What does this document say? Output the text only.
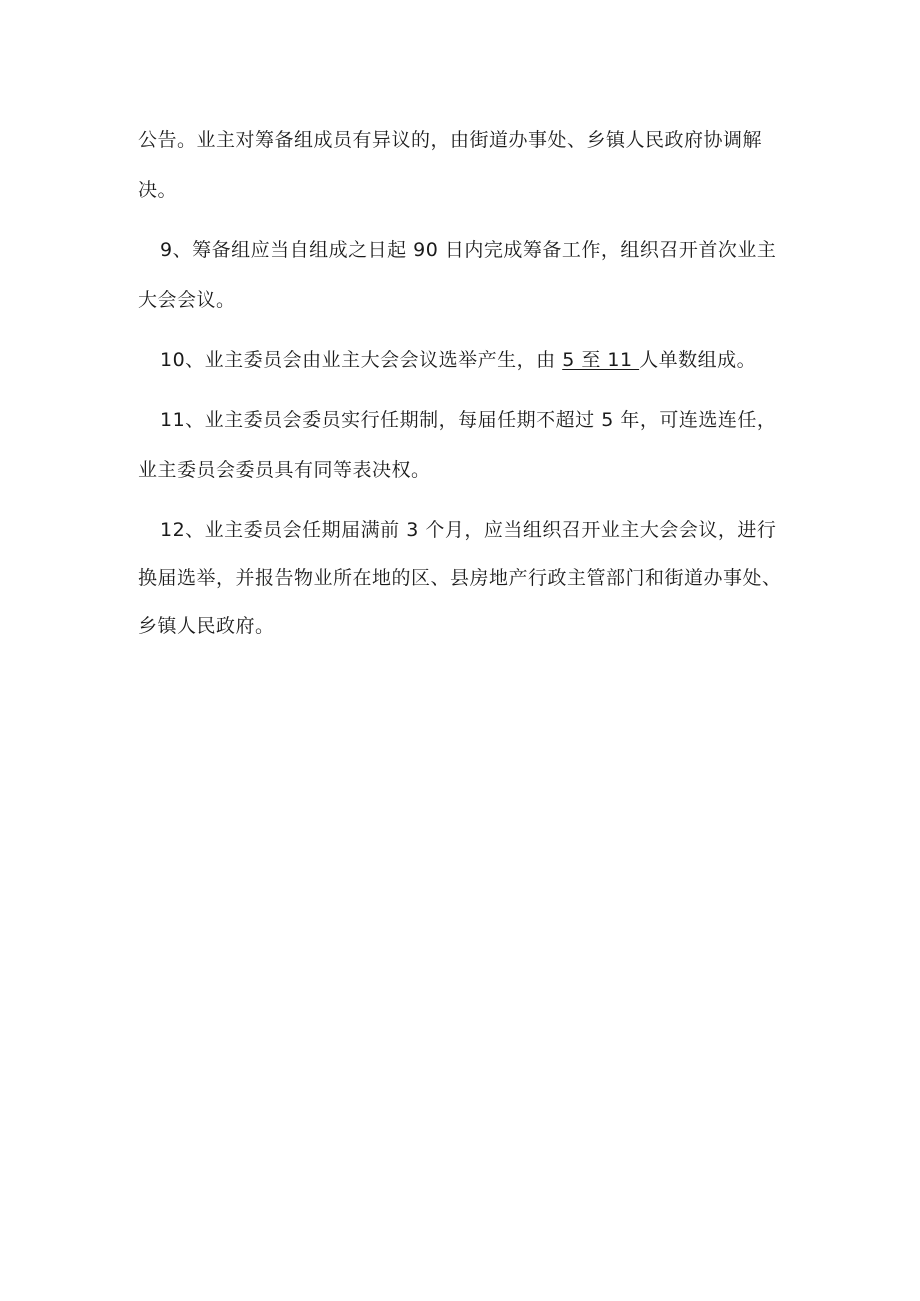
公告。业主对筹备组成员有异议的，由街道办事处、乡镇人民政府协调解
决。
9、筹备组应当自组成之日起 90 日内完成筹备工作，组织召开首次业主
大会会议。
10、业主委员会由业主大会会议选举产生，由 5 至 11 人单数组成。
11、业主委员会委员实行任期制，每届任期不超过 5 年，可连选连任，
业主委员会委员具有同等表决权。
12、业主委员会任期届满前 3 个月，应当组织召开业主大会会议，进行
换届选举，并报告物业所在地的区、县房地产行政主管部门和街道办事处、
乡镇人民政府。
